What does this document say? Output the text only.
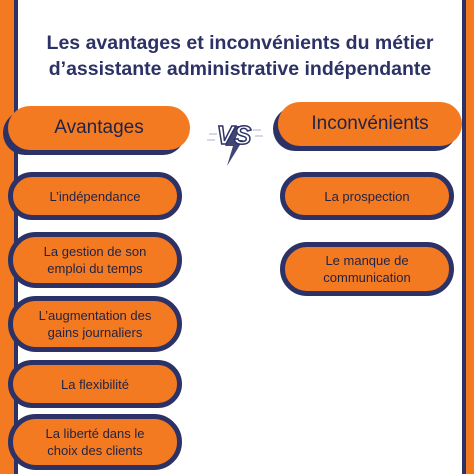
Les avantages et inconvénients du métier
d’assistante administrative indépendante
Avantages	VS	Inconvénients
L’indépendance
La gestion de son emploi du temps
L’augmentation des gains journaliers
La flexibilité
La liberté dans le choix des clients
La prospection
Le manque de communication
